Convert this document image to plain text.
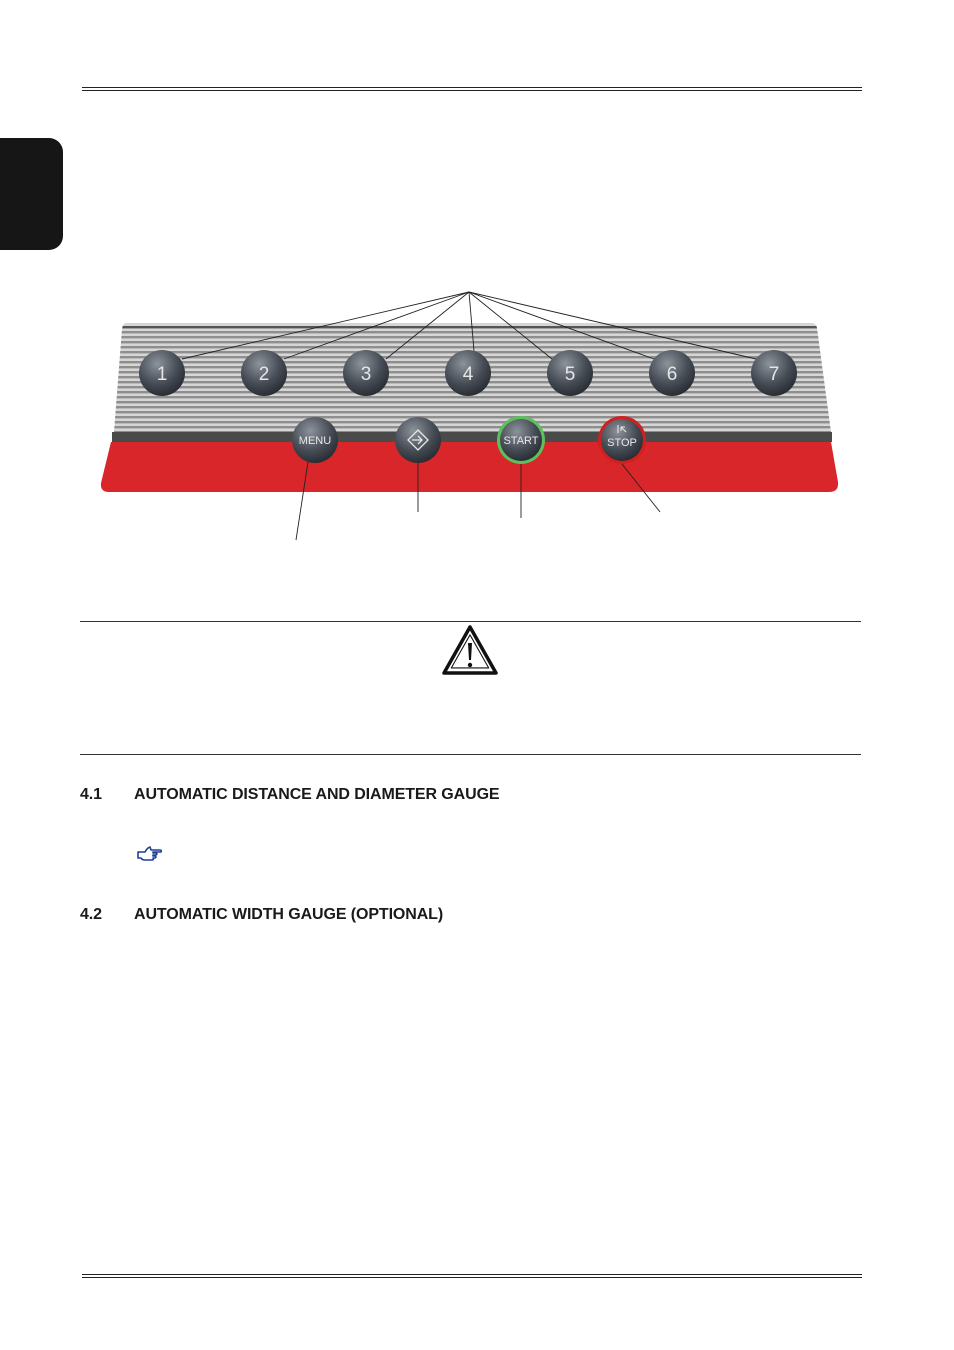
1	2	3	4	5	6	7
MENU	START	STOP
4.1 AUTOMATIC DISTANCE AND DIAMETER GAUGE
4.2 AUTOMATIC WIDTH GAUGE (OPTIONAL)
